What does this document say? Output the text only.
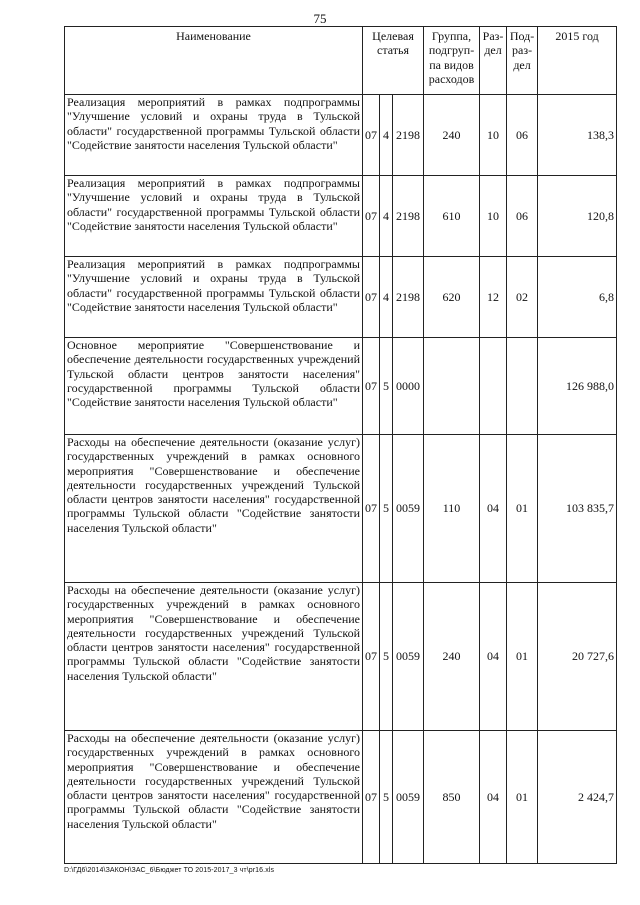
75
Наименование	Целевая статья			Группа, подгруп-па видов расходов	Раз-дел	Под-раз-дел	2015 год
Реализация мероприятий в рамках подпрограммы "Улучшение условий и охраны труда в Тульской области" государственной программы Тульской области "Содействие занятости населения Тульской области"	07	4	2198	240	10	06	138,3
Реализация мероприятий в рамках подпрограммы "Улучшение условий и охраны труда в Тульской области" государственной программы Тульской области "Содействие занятости населения Тульской области"	07	4	2198	610	10	06	120,8
Реализация мероприятий в рамках подпрограммы "Улучшение условий и охраны труда в Тульской области" государственной программы Тульской области "Содействие занятости населения Тульской области"	07	4	2198	620	12	02	6,8
Основное мероприятие "Совершенствование и обеспечение деятельности государственных учреждений Тульской области центров занятости населения" государственной программы Тульской области "Содействие занятости населения Тульской области"	07	5	0000				126 988,0
Расходы на обеспечение деятельности (оказание услуг) государственных учреждений в рамках основного мероприятия "Совершенствование и обеспечение деятельности государственных учреждений Тульской области центров занятости населения" государственной программы Тульской области "Содействие занятости населения Тульской области"	07	5	0059	110	04	01	103 835,7
Расходы на обеспечение деятельности (оказание услуг) государственных учреждений в рамках основного мероприятия "Совершенствование и обеспечение деятельности государственных учреждений Тульской области центров занятости населения" государственной программы Тульской области "Содействие занятости населения Тульской области"	07	5	0059	240	04	01	20 727,6
Расходы на обеспечение деятельности (оказание услуг) государственных учреждений в рамках основного мероприятия "Совершенствование и обеспечение деятельности государственных учреждений Тульской области центров занятости населения" государственной программы Тульской области "Содействие занятости населения Тульской области"	07	5	0059	850	04	01	2 424,7
D:\ГД6\2014\ЗАКОН\ЗАС_6\Бюджет ТО 2015-2017_3 чт\pr16.xls
